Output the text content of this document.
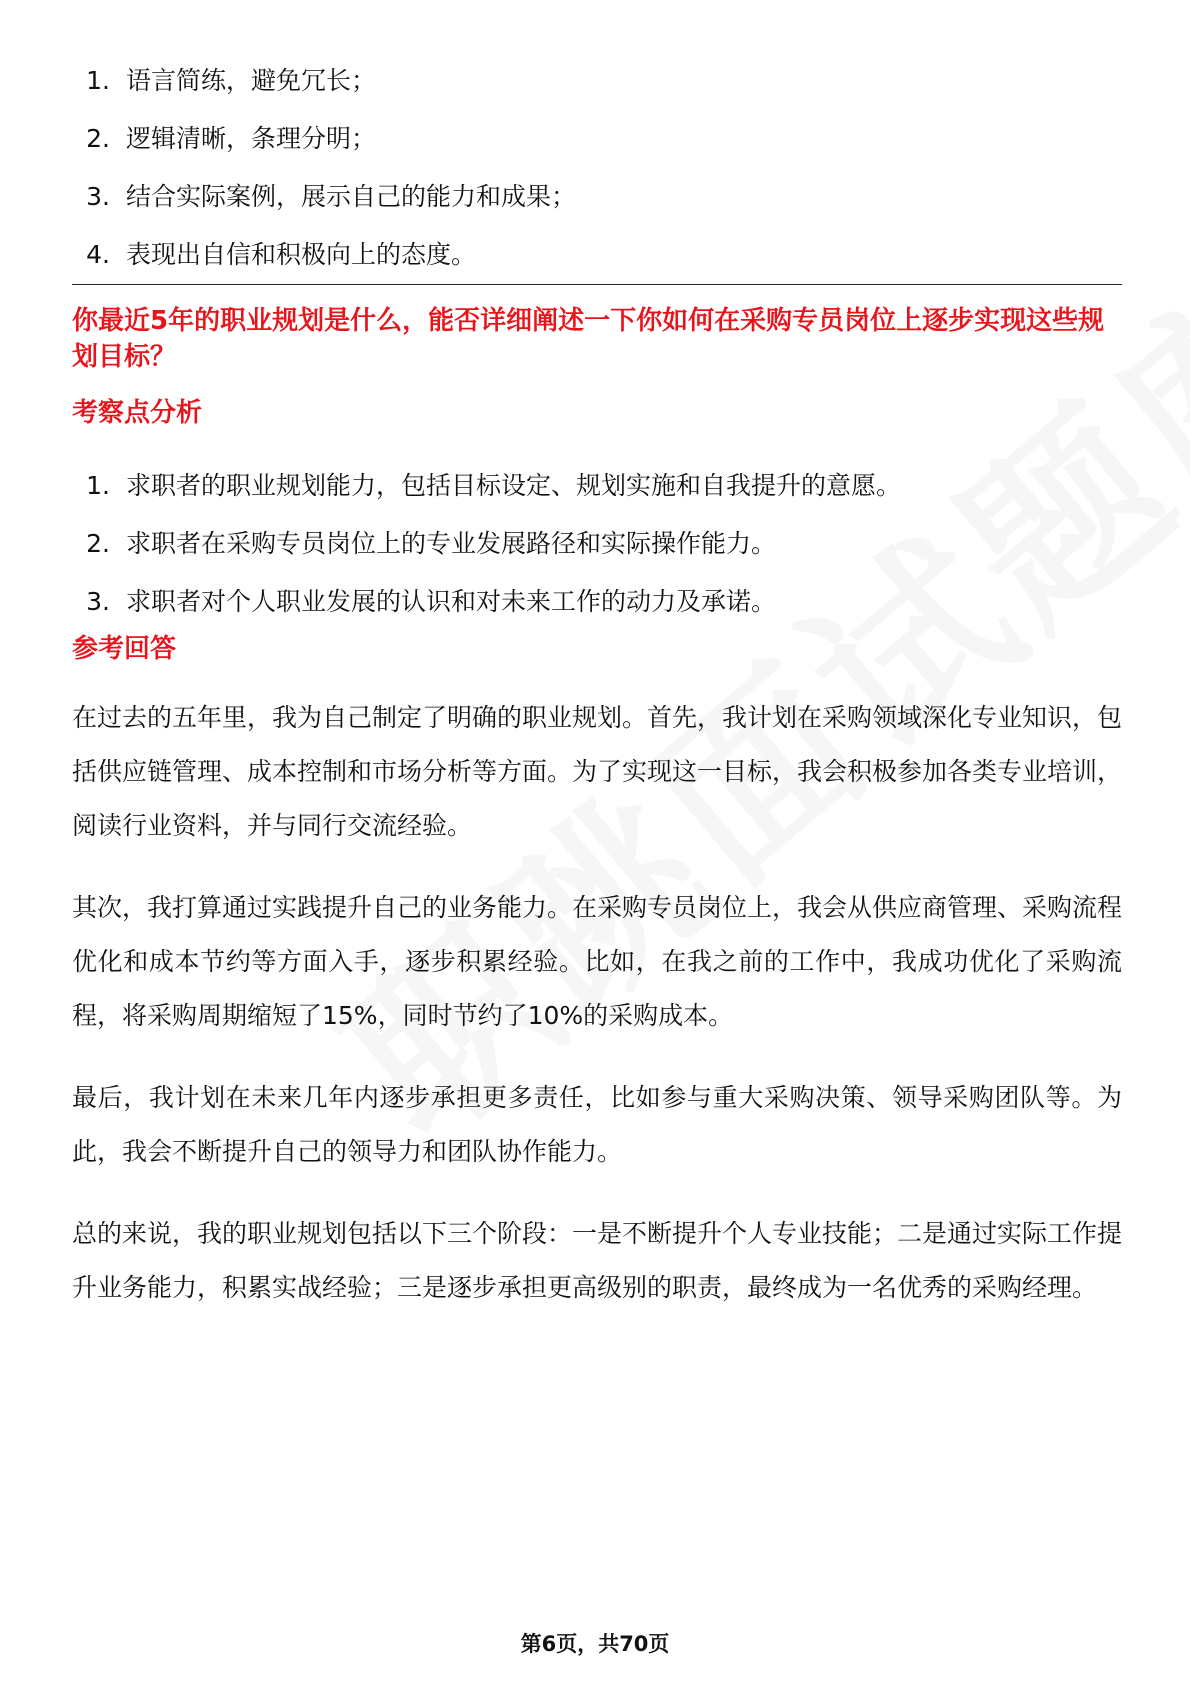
1. 语言简练，避免冗长；
2. 逻辑清晰，条理分明；
3. 结合实际案例，展示自己的能力和成果；
4. 表现出自信和积极向上的态度。
你最近5年的职业规划是什么，能否详细阐述一下你如何在采购专员岗位上逐步实现这些规划目标？
考察点分析
1. 求职者的职业规划能力，包括目标设定、规划实施和自我提升的意愿。
2. 求职者在采购专员岗位上的专业发展路径和实际操作能力。
3. 求职者对个人职业发展的认识和对未来工作的动力及承诺。
参考回答

在过去的五年里，我为自己制定了明确的职业规划。首先，我计划在采购领域深化专业知识，包括供应链管理、成本控制和市场分析等方面。为了实现这一目标，我会积极参加各类专业培训，阅读行业资料，并与同行交流经验。

其次，我打算通过实践提升自己的业务能力。在采购专员岗位上，我会从供应商管理、采购流程优化和成本节约等方面入手，逐步积累经验。比如，在我之前的工作中，我成功优化了采购流程，将采购周期缩短了15%，同时节约了10%的采购成本。

最后，我计划在未来几年内逐步承担更多责任，比如参与重大采购决策、领导采购团队等。为此，我会不断提升自己的领导力和团队协作能力。

总的来说，我的职业规划包括以下三个阶段：一是不断提升个人专业技能；二是通过实际工作提升业务能力，积累实战经验；三是逐步承担更高级别的职责，最终成为一名优秀的采购经理。

第6页，共70页
